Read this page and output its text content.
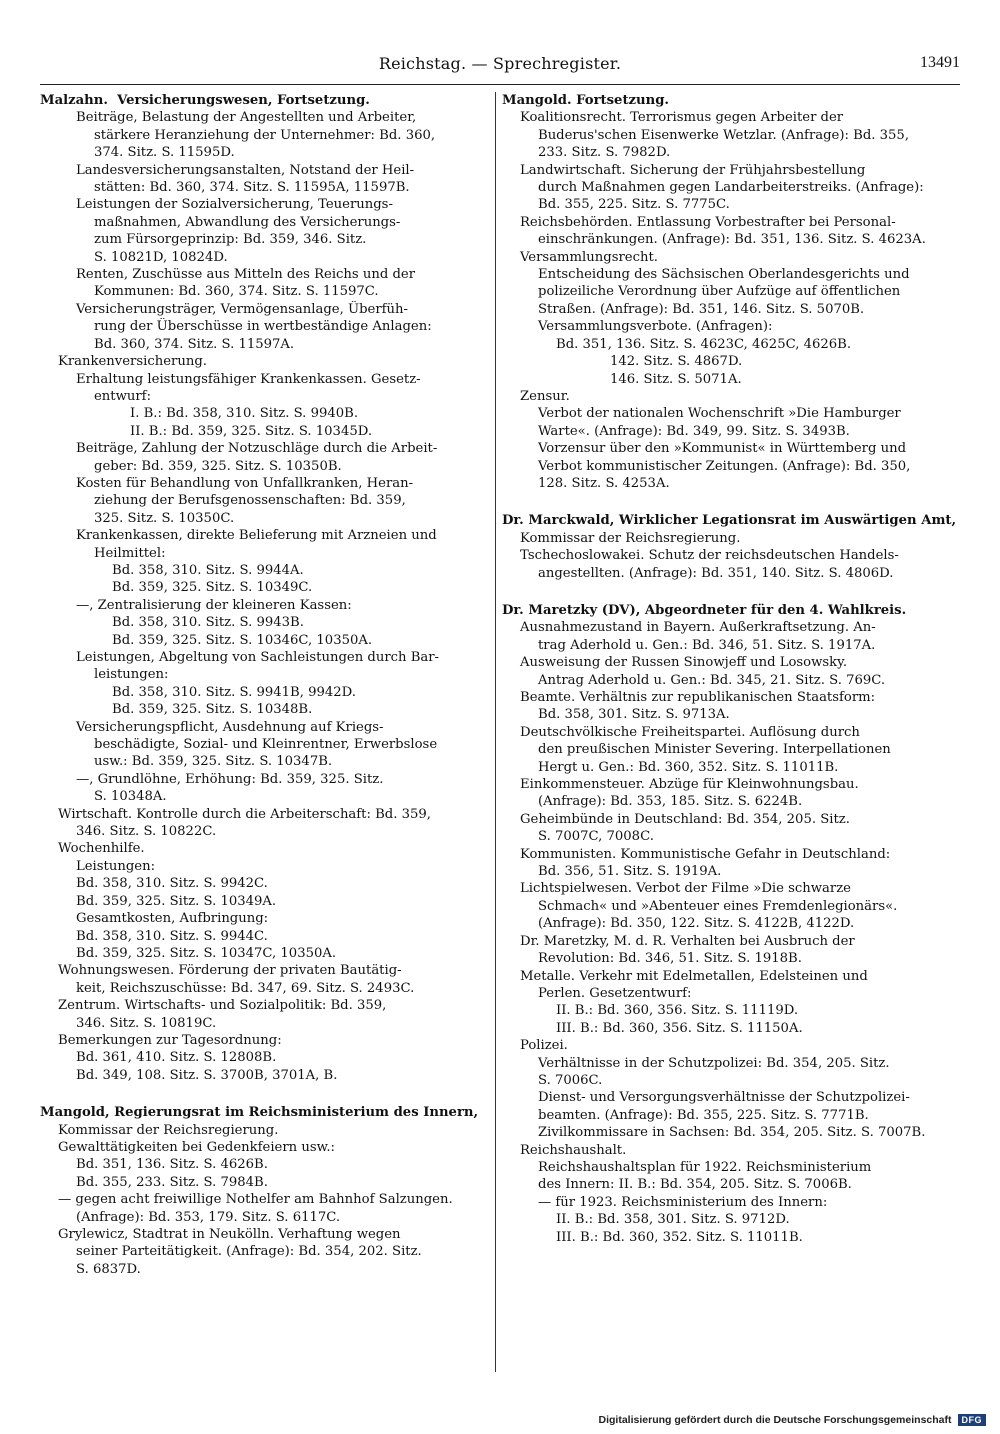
Reichstag. — Sprechregister.	13491
Malzahn.  Versicherungswesen, Fortsetzung.
Beiträge, Belastung der Angestellten und Arbeiter,
stärkere Heranziehung der Unternehmer: Bd. 360,
374. Sitz. S. 11595D.
Landesversicherungsanstalten, Notstand der Heil-
stätten: Bd. 360, 374. Sitz. S. 11595A, 11597B.
Leistungen der Sozialversicherung, Teuerungs-
maßnahmen, Abwandlung des Versicherungs-
zum Fürsorgeprinzip: Bd. 359, 346. Sitz.
S. 10821D, 10824D.
Renten, Zuschüsse aus Mitteln des Reichs und der
Kommunen: Bd. 360, 374. Sitz. S. 11597C.
Versicherungsträger, Vermögensanlage, Überfüh-
rung der Überschüsse in wertbeständige Anlagen:
Bd. 360, 374. Sitz. S. 11597A.
Krankenversicherung.
Erhaltung leistungsfähiger Krankenkassen. Gesetz-
entwurf:
I. B.: Bd. 358, 310. Sitz. S. 9940B.
II. B.: Bd. 359, 325. Sitz. S. 10345D.
Beiträge, Zahlung der Notzuschläge durch die Arbeit-
geber: Bd. 359, 325. Sitz. S. 10350B.
Kosten für Behandlung von Unfallkranken, Heran-
ziehung der Berufsgenossenschaften: Bd. 359,
325. Sitz. S. 10350C.
Krankenkassen, direkte Belieferung mit Arzneien und
Heilmittel:
Bd. 358, 310. Sitz. S. 9944A.
Bd. 359, 325. Sitz. S. 10349C.
—, Zentralisierung der kleineren Kassen:
Bd. 358, 310. Sitz. S. 9943B.
Bd. 359, 325. Sitz. S. 10346C, 10350A.
Leistungen, Abgeltung von Sachleistungen durch Bar-
leistungen:
Bd. 358, 310. Sitz. S. 9941B, 9942D.
Bd. 359, 325. Sitz. S. 10348B.
Versicherungspflicht, Ausdehnung auf Kriegs-
beschädigte, Sozial- und Kleinrentner, Erwerbslose
usw.: Bd. 359, 325. Sitz. S. 10347B.
—, Grundlöhne, Erhöhung: Bd. 359, 325. Sitz.
S. 10348A.
Wirtschaft. Kontrolle durch die Arbeiterschaft: Bd. 359,
346. Sitz. S. 10822C.
Wochenhilfe.
Leistungen:
Bd. 358, 310. Sitz. S. 9942C.
Bd. 359, 325. Sitz. S. 10349A.
Gesamtkosten, Aufbringung:
Bd. 358, 310. Sitz. S. 9944C.
Bd. 359, 325. Sitz. S. 10347C, 10350A.
Wohnungswesen. Förderung der privaten Bautätig-
keit, Reichszuschüsse: Bd. 347, 69. Sitz. S. 2493C.
Zentrum. Wirtschafts- und Sozialpolitik: Bd. 359,
346. Sitz. S. 10819C.
Bemerkungen zur Tagesordnung:
Bd. 361, 410. Sitz. S. 12808B.
Bd. 349, 108. Sitz. S. 3700B, 3701A, B.
Mangold, Regierungsrat im Reichsministerium des Innern,
Kommissar der Reichsregierung.
Gewalttätigkeiten bei Gedenkfeiern usw.:
Bd. 351, 136. Sitz. S. 4626B.
Bd. 355, 233. Sitz. S. 7984B.
— gegen acht freiwillige Nothelfer am Bahnhof Salzungen.
(Anfrage): Bd. 353, 179. Sitz. S. 6117C.
Grylewicz, Stadtrat in Neukölln. Verhaftung wegen
seiner Parteitätigkeit. (Anfrage): Bd. 354, 202. Sitz.
S. 6837D.
Mangold. Fortsetzung.
Koalitionsrecht. Terrorismus gegen Arbeiter der
Buderus'schen Eisenwerke Wetzlar. (Anfrage): Bd. 355,
233. Sitz. S. 7982D.
Landwirtschaft. Sicherung der Frühjahrsbestellung
durch Maßnahmen gegen Landarbeiterstreiks. (Anfrage):
Bd. 355, 225. Sitz. S. 7775C.
Reichsbehörden. Entlassung Vorbestrafter bei Personal-
einschränkungen. (Anfrage): Bd. 351, 136. Sitz. S. 4623A.
Versammlungsrecht.
Entscheidung des Sächsischen Oberlandesgerichts und
polizeiliche Verordnung über Aufzüge auf öffentlichen
Straßen. (Anfrage): Bd. 351, 146. Sitz. S. 5070B.
Versammlungsverbote. (Anfragen):
Bd. 351, 136. Sitz. S. 4623C, 4625C, 4626B.
142. Sitz. S. 4867D.
146. Sitz. S. 5071A.
Zensur.
Verbot der nationalen Wochenschrift »Die Hamburger
Warte«. (Anfrage): Bd. 349, 99. Sitz. S. 3493B.
Vorzensur über den »Kommunist« in Württemberg und
Verbot kommunistischer Zeitungen. (Anfrage): Bd. 350,
128. Sitz. S. 4253A.
Dr. Marckwald, Wirklicher Legationsrat im Auswärtigen Amt,
Kommissar der Reichsregierung.
Tschechoslowakei. Schutz der reichsdeutschen Handels-
angestellten. (Anfrage): Bd. 351, 140. Sitz. S. 4806D.
Dr. Maretzky (DV), Abgeordneter für den 4. Wahlkreis.
Ausnahmezustand in Bayern. Außerkraftsetzung. An-
trag Aderhold u. Gen.: Bd. 346, 51. Sitz. S. 1917A.
Ausweisung der Russen Sinowjeff und Losowsky.
Antrag Aderhold u. Gen.: Bd. 345, 21. Sitz. S. 769C.
Beamte. Verhältnis zur republikanischen Staatsform:
Bd. 358, 301. Sitz. S. 9713A.
Deutschvölkische Freiheitspartei. Auflösung durch
den preußischen Minister Severing. Interpellationen
Hergt u. Gen.: Bd. 360, 352. Sitz. S. 11011B.
Einkommensteuer. Abzüge für Kleinwohnungsbau.
(Anfrage): Bd. 353, 185. Sitz. S. 6224B.
Geheimbünde in Deutschland: Bd. 354, 205. Sitz.
S. 7007C, 7008C.
Kommunisten. Kommunistische Gefahr in Deutschland:
Bd. 356, 51. Sitz. S. 1919A.
Lichtspielwesen. Verbot der Filme »Die schwarze
Schmach« und »Abenteuer eines Fremdenlegionärs«.
(Anfrage): Bd. 350, 122. Sitz. S. 4122B, 4122D.
Dr. Maretzky, M. d. R. Verhalten bei Ausbruch der
Revolution: Bd. 346, 51. Sitz. S. 1918B.
Metalle. Verkehr mit Edelmetallen, Edelsteinen und
Perlen. Gesetzentwurf:
II. B.: Bd. 360, 356. Sitz. S. 11119D.
III. B.: Bd. 360, 356. Sitz. S. 11150A.
Polizei.
Verhältnisse in der Schutzpolizei: Bd. 354, 205. Sitz.
S. 7006C.
Dienst- und Versorgungsverhältnisse der Schutzpolizei-
beamten. (Anfrage): Bd. 355, 225. Sitz. S. 7771B.
Zivilkommissare in Sachsen: Bd. 354, 205. Sitz. S. 7007B.
Reichshaushalt.
Reichshaushaltsplan für 1922. Reichsministerium
des Innern: II. B.: Bd. 354, 205. Sitz. S. 7006B.
— für 1923. Reichsministerium des Innern:
II. B.: Bd. 358, 301. Sitz. S. 9712D.
III. B.: Bd. 360, 352. Sitz. S. 11011B.
Digitalisierung gefördert durch die Deutsche Forschungsgemeinschaft	DFG
